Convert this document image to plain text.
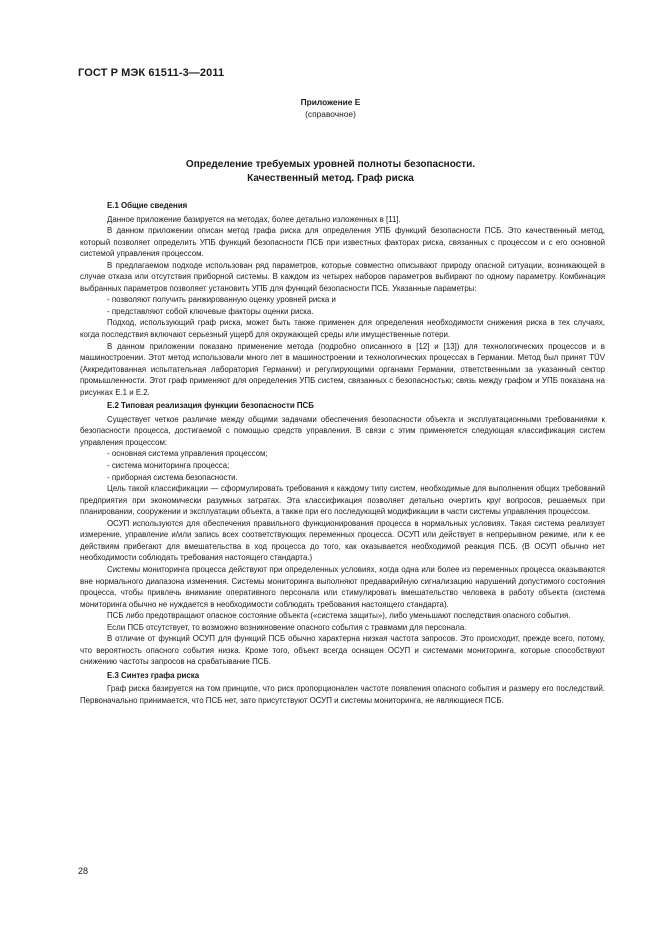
ГОСТ Р МЭК 61511-3—2011
Приложение Е
(справочное)
Определение требуемых уровней полноты безопасности.
Качественный метод. Граф риска

Е.1 Общие сведения

Данное приложение базируется на методах, более детально изложенных в [11].

В данном приложении описан метод графа риска для определения УПБ функций безопасности ПСБ. Это качественный метод, который позволяет определить УПБ функций безопасности ПСБ при известных факторах риска, связанных с процессом и с его основной системой управления процессом.

В предлагаемом подходе использован ряд параметров, которые совместно описывают природу опасной ситуации, возникающей в случае отказа или отсутствия приборной системы. В каждом из четырех наборов параметров выбирают по одному параметру. Комбинация выбранных параметров позволяет установить УПБ для функций безопасности ПСБ. Указанные параметры:

- позволяют получить ранжированную оценку уровней риска и

- представляют собой ключевые факторы оценки риска.

Подход, использующий граф риска, может быть также применен для определения необходимости снижения риска в тех случаях, когда последствия включают серьезный ущерб для окружающей среды или имущественные потери.

В данном приложении показано применение метода (подробно описанного в [12] и [13]) для технологических процессов и в машиностроении. Этот метод использовали много лет в машиностроении и технологических процессах в Германии. Метод был принят TÜV (Аккредитованная испытательная лаборатория Германии) и регулирующими органами Германии, ответственными за указанный сектор промышленности. Этот граф применяют для определения УПБ систем, связанных с безопасностью; связь между графом и УПБ показана на рисунках Е.1 и Е.2.

Е.2 Типовая реализация функции безопасности ПСБ

Существует четкое различие между общими задачами обеспечения безопасности объекта и эксплуатационными требованиями к безопасности процесса, достигаемой с помощью средств управления. В связи с этим применяется следующая классификация систем управления процессом:

- основная система управления процессом;

- система мониторинга процесса;

- приборная система безопасности.

Цель такой классификации — сформулировать требования к каждому типу систем, необходимые для выполнения общих требований предприятия при экономически разумных затратах. Эта классификация позволяет детально очертить круг вопросов, решаемых при планировании, сооружении и эксплуатации объекта, а также при его последующей модификации в части системы управления процессом.

ОСУП используются для обеспечения правильного функционирования процесса в нормальных условиях. Такая система реализует измерение, управление и/или запись всех соответствующих переменных процесса. ОСУП или действует в непрерывном режиме, или к ее действиям прибегают для вмешательства в ход процесса до того, как оказывается необходимой реакция ПСБ. (В ОСУП обычно нет необходимости соблюдать требования настоящего стандарта.)

Системы мониторинга процесса действуют при определенных условиях, когда одна или более из переменных процесса оказываются вне нормального диапазона изменения. Системы мониторинга выполняют предаварийную сигнализацию нарушений допустимого состояния процесса, чтобы привлечь внимание оперативного персонала или стимулировать вмешательство человека в работу объекта (система мониторинга обычно не нуждается в необходимости соблюдать требования настоящего стандарта).

ПСБ либо предотвращают опасное состояние объекта («система защиты»), либо уменьшают последствия опасного события.

Если ПСБ отсутствует, то возможно возникновение опасного события с травмами для персонала.

В отличие от функций ОСУП для функций ПСБ обычно характерна низкая частота запросов. Это происходит, прежде всего, потому, что вероятность опасного события низка. Кроме того, объект всегда оснащен ОСУП и системами мониторинга, которые способствуют снижению частоты запросов на срабатывание ПСБ.

Е.3 Синтез графа риска

Граф риска базируется на том принципе, что риск пропорционален частоте появления опасного события и размеру его последствий. Первоначально принимается, что ПСБ нет, зато присутствуют ОСУП и системы мониторинга, не являющиеся ПСБ.

28
